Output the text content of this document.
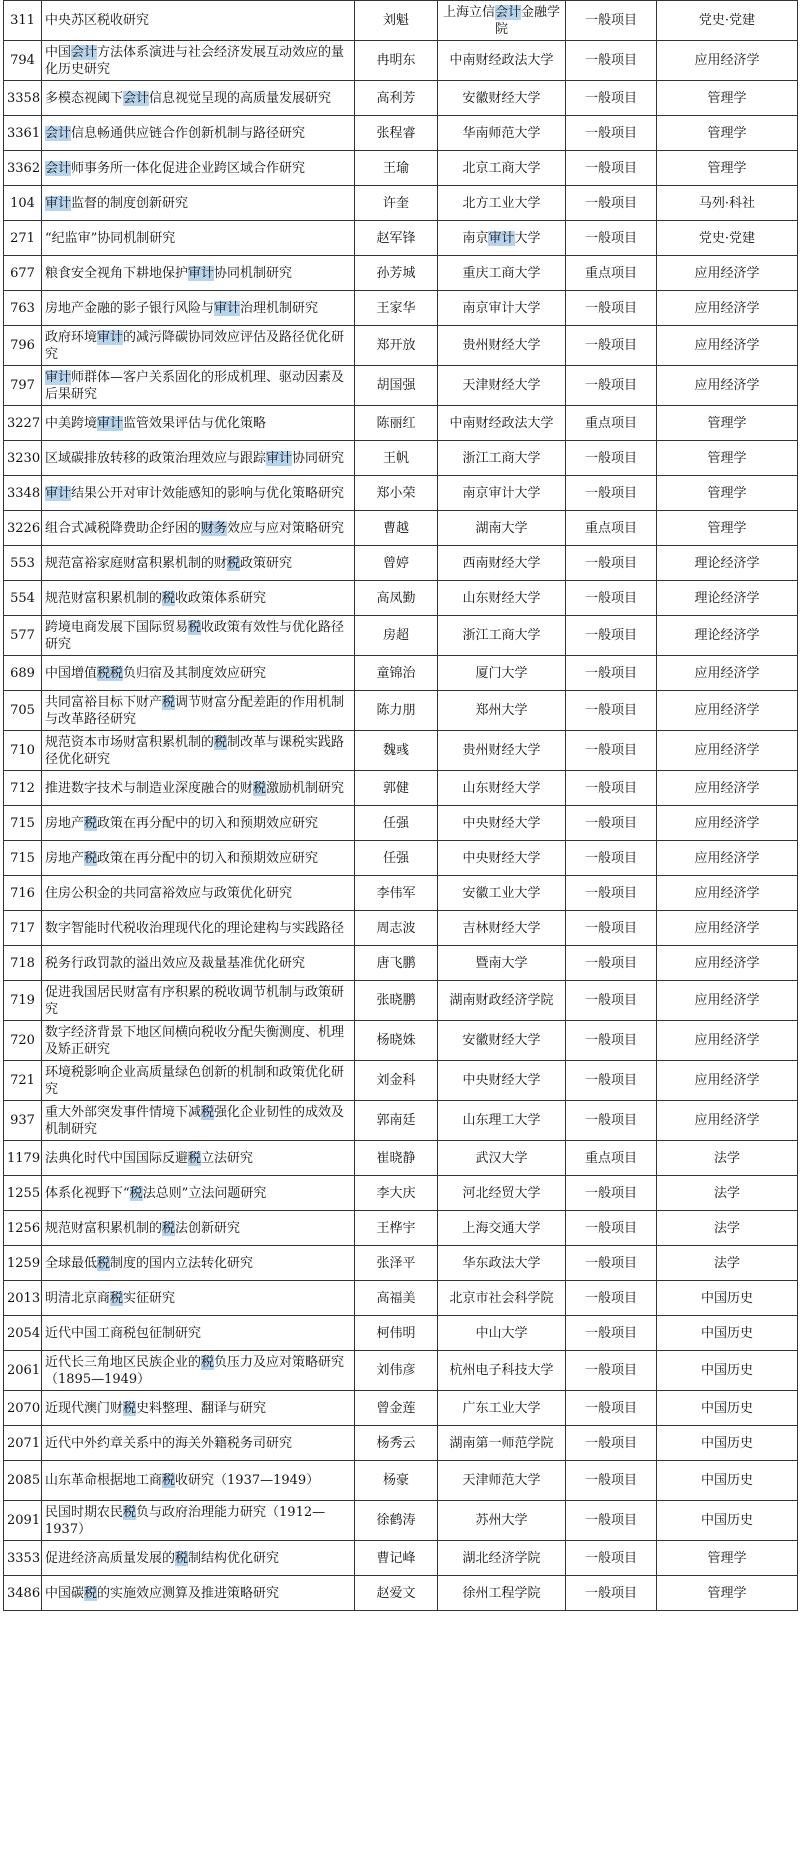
311	中央苏区税收研究	刘魁	上海立信会计金融学院	一般项目	党史·党建
794	中国会计方法体系演进与社会经济发展互动效应的量化历史研究	冉明东	中南财经政法大学	一般项目	应用经济学
3358	多模态视阈下会计信息视觉呈现的高质量发展研究	高利芳	安徽财经大学	一般项目	管理学
3361	会计信息畅通供应链合作创新机制与路径研究	张程睿	华南师范大学	一般项目	管理学
3362	会计师事务所一体化促进企业跨区域合作研究	王瑜	北京工商大学	一般项目	管理学
104	审计监督的制度创新研究	许奎	北方工业大学	一般项目	马列·科社
271	“纪监审”协同机制研究	赵军锋	南京审计大学	一般项目	党史·党建
677	粮食安全视角下耕地保护审计协同机制研究	孙芳城	重庆工商大学	重点项目	应用经济学
763	房地产金融的影子银行风险与审计治理机制研究	王家华	南京审计大学	一般项目	应用经济学
796	政府环境审计的减污降碳协同效应评估及路径优化研究	郑开放	贵州财经大学	一般项目	应用经济学
797	审计师群体—客户关系固化的形成机理、驱动因素及后果研究	胡国强	天津财经大学	一般项目	应用经济学
3227	中美跨境审计监管效果评估与优化策略	陈丽红	中南财经政法大学	重点项目	管理学
3230	区域碳排放转移的政策治理效应与跟踪审计协同研究	王帆	浙江工商大学	一般项目	管理学
3348	审计结果公开对审计效能感知的影响与优化策略研究	郑小荣	南京审计大学	一般项目	管理学
3226	组合式减税降费助企纾困的财务效应与应对策略研究	曹越	湖南大学	重点项目	管理学
553	规范富裕家庭财富积累机制的财税政策研究	曾婷	西南财经大学	一般项目	理论经济学
554	规范财富积累机制的税收政策体系研究	高凤勤	山东财经大学	一般项目	理论经济学
577	跨境电商发展下国际贸易税收政策有效性与优化路径研究	房超	浙江工商大学	一般项目	理论经济学
689	中国增值税税负归宿及其制度效应研究	童锦治	厦门大学	一般项目	应用经济学
705	共同富裕目标下财产税调节财富分配差距的作用机制与改革路径研究	陈力朋	郑州大学	一般项目	应用经济学
710	规范资本市场财富积累机制的税制改革与课税实践路径优化研究	魏彧	贵州财经大学	一般项目	应用经济学
712	推进数字技术与制造业深度融合的财税激励机制研究	郭健	山东财经大学	一般项目	应用经济学
715	房地产税政策在再分配中的切入和预期效应研究	任强	中央财经大学	一般项目	应用经济学
715	房地产税政策在再分配中的切入和预期效应研究	任强	中央财经大学	一般项目	应用经济学
716	住房公积金的共同富裕效应与政策优化研究	李伟军	安徽工业大学	一般项目	应用经济学
717	数字智能时代税收治理现代化的理论建构与实践路径	周志波	吉林财经大学	一般项目	应用经济学
718	税务行政罚款的溢出效应及裁量基准优化研究	唐飞鹏	暨南大学	一般项目	应用经济学
719	促进我国居民财富有序积累的税收调节机制与政策研究	张晓鹏	湖南财政经济学院	一般项目	应用经济学
720	数字经济背景下地区间横向税收分配失衡测度、机理及矫正研究	杨晓姝	安徽财经大学	一般项目	应用经济学
721	环境税影响企业高质量绿色创新的机制和政策优化研究	刘金科	中央财经大学	一般项目	应用经济学
937	重大外部突发事件情境下减税强化企业韧性的成效及机制研究	郭南廷	山东理工大学	一般项目	应用经济学
1179	法典化时代中国国际反避税立法研究	崔晓静	武汉大学	重点项目	法学
1255	体系化视野下“税法总则”立法问题研究	李大庆	河北经贸大学	一般项目	法学
1256	规范财富积累机制的税法创新研究	王桦宇	上海交通大学	一般项目	法学
1259	全球最低税制度的国内立法转化研究	张泽平	华东政法大学	一般项目	法学
2013	明清北京商税实征研究	高福美	北京市社会科学院	一般项目	中国历史
2054	近代中国工商税包征制研究	柯伟明	中山大学	一般项目	中国历史
2061	近代长三角地区民族企业的税负压力及应对策略研究（1895—1949）	刘伟彦	杭州电子科技大学	一般项目	中国历史
2070	近现代澳门财税史料整理、翻译与研究	曾金莲	广东工业大学	一般项目	中国历史
2071	近代中外约章关系中的海关外籍税务司研究	杨秀云	湖南第一师范学院	一般项目	中国历史
2085	山东革命根据地工商税收研究（1937—1949）	杨豪	天津师范大学	一般项目	中国历史
2091	民国时期农民税负与政府治理能力研究（1912—1937）	徐鹤涛	苏州大学	一般项目	中国历史
3353	促进经济高质量发展的税制结构优化研究	曹记峰	湖北经济学院	一般项目	管理学
3486	中国碳税的实施效应测算及推进策略研究	赵爱文	徐州工程学院	一般项目	管理学
